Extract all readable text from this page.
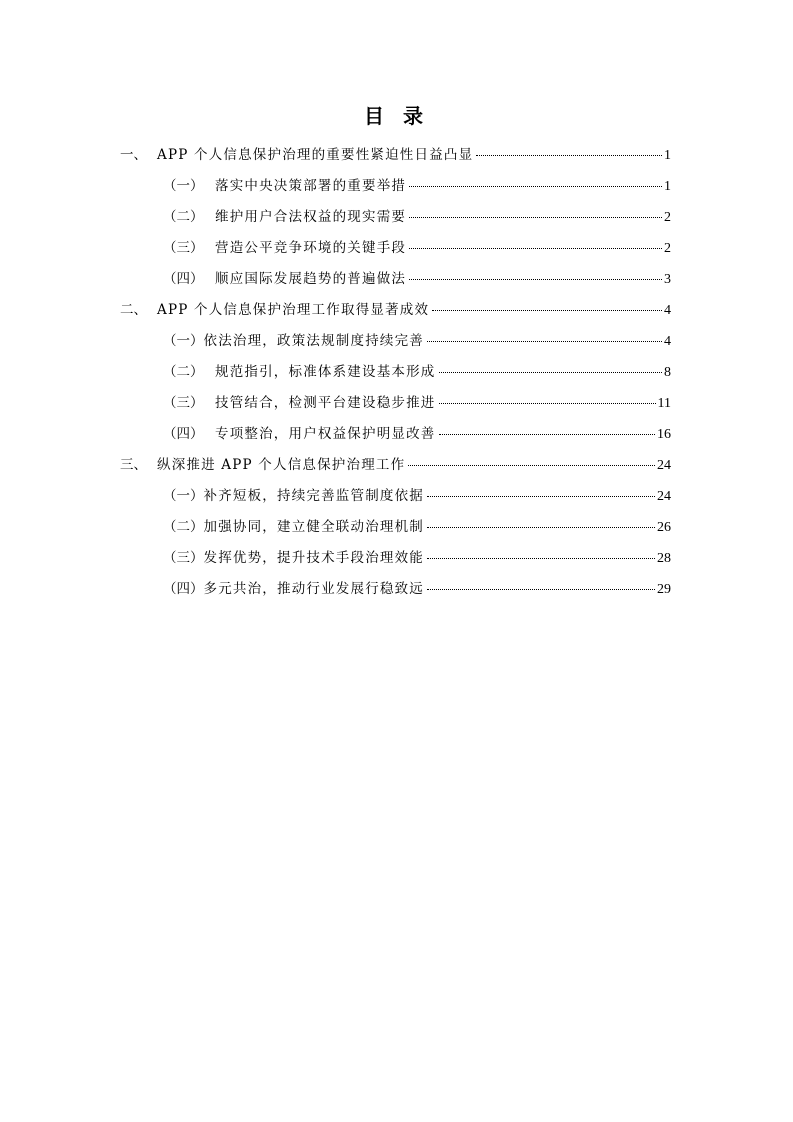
目 录
一、 APP 个人信息保护治理的重要性紧迫性日益凸显	1
（一） 落实中央决策部署的重要举措	1
（二） 维护用户合法权益的现实需要	2
（三） 营造公平竞争环境的关键手段	2
（四） 顺应国际发展趋势的普遍做法	3
二、 APP 个人信息保护治理工作取得显著成效	4
（一） 依法治理，政策法规制度持续完善	4
（二） 规范指引，标准体系建设基本形成	8
（三） 技管结合，检测平台建设稳步推进	11
（四） 专项整治，用户权益保护明显改善	16
三、 纵深推进 APP 个人信息保护治理工作	24
（一） 补齐短板，持续完善监管制度依据	24
（二） 加强协同，建立健全联动治理机制	26
（三） 发挥优势，提升技术手段治理效能	28
（四） 多元共治，推动行业发展行稳致远	29
